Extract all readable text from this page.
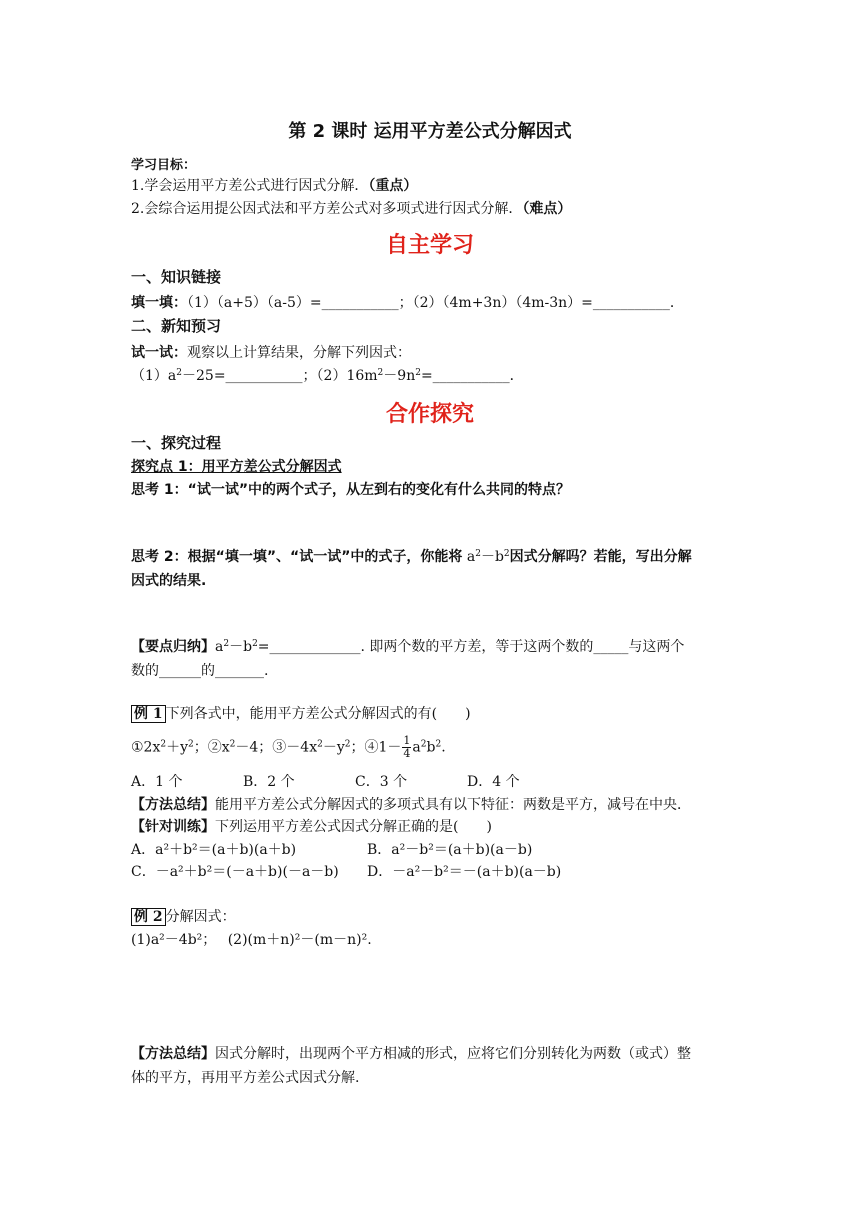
第 2 课时 运用平方差公式分解因式
学习目标：
1.学会运用平方差公式进行因式分解．（重点）
2.会综合运用提公因式法和平方差公式对多项式进行因式分解．（难点）
自主学习
一、知识链接
填一填：（1）（a+5）（a-5）=___________；（2）（4m+3n）（4m-3n）=___________．
二、新知预习
试一试：观察以上计算结果，分解下列因式：
$(1)a^2-25=\_\_\_\_\_\_\_\_\_\_\_$；$(2)16m^2-9n^2=\_\_\_\_\_\_\_\_\_\_\_$．
合作探究
一、探究过程
探究点 1：用平方差公式分解因式
思考 1：“试一试”中的两个式子，从左到右的变化有什么共同的特点？
思考 2：根据“填一填”、“试一试”中的式子，你能将 $a^2-b^2$因式分解吗？若能，写出分解
因式的结果.
【要点归纳】$a^2-b^2=\_\_\_\_\_\_\_\_\_\_\_\_\_$. 即两个数的平方差，等于这两个数的_____与这两个
数的______的_______.
例 1 下列各式中，能用平方差公式分解因式的有(　　)
$①2x^2+y^2$；$②x^2-4$；$③-4x^2-y^2$；④1－ $\frac{1}{4} a^2b^2$.
A．1 个	B．2 个	C．3 个	D．4 个
【方法总结】能用平方差公式分解因式的多项式具有以下特征：两数是平方，减号在中央．
【针对训练】下列运用平方差公式因式分解正确的是(　　)
A．a²＋b²＝(a＋b)(a＋b)	B．a²－b²＝(a＋b)(a－b)
C．－a²＋b²＝(－a＋b)(－a－b) D．－a²－b²＝－(a＋b)(a－b)
例 2 分解因式：
(1)a²－4b²；　 (2)(m＋n)²－(m－n)².
【方法总结】因式分解时，出现两个平方相减的形式，应将它们分别转化为两数（或式）整
体的平方，再用平方差公式因式分解.
